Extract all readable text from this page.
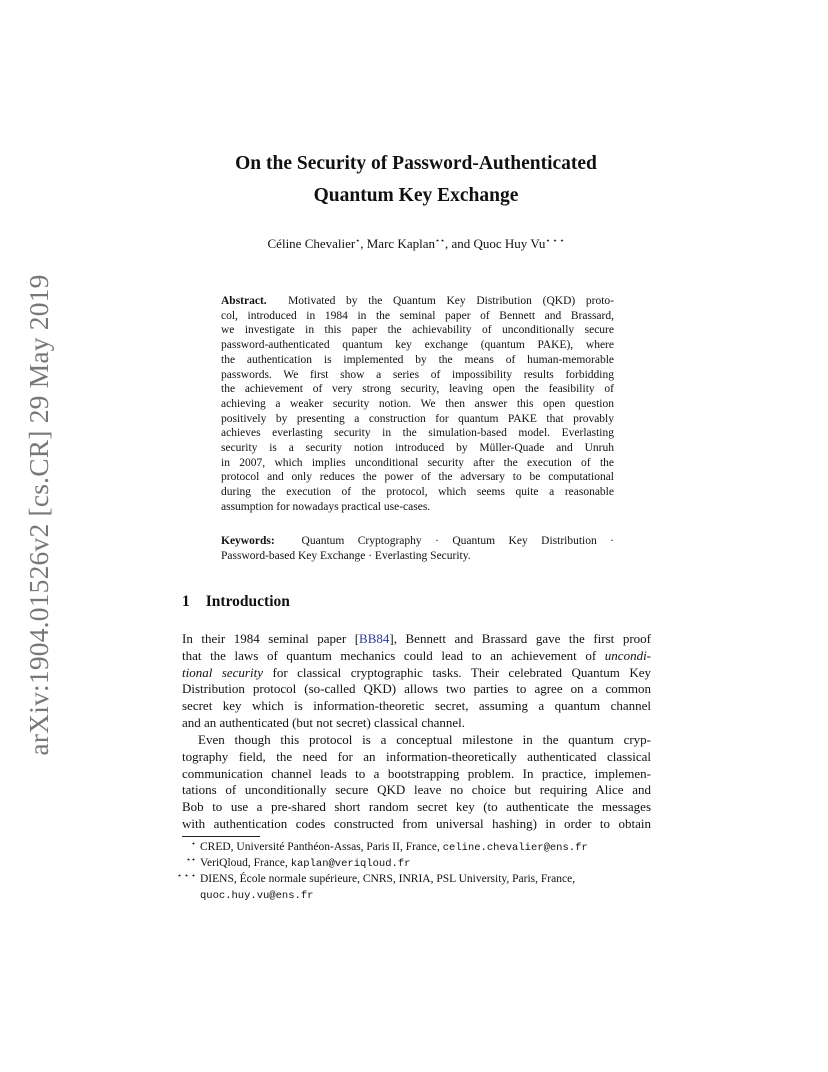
arXiv:1904.01526v2 [cs.CR] 29 May 2019
On the Security of Password-Authenticated
Quantum Key Exchange
Céline Chevalier⋆, Marc Kaplan⋆⋆, and Quoc Huy Vu⋆ ⋆ ⋆
Abstract. Motivated by the Quantum Key Distribution (QKD) proto-
col, introduced in 1984 in the seminal paper of Bennett and Brassard,
we investigate in this paper the achievability of unconditionally secure
password-authenticated quantum key exchange (quantum PAKE), where
the authentication is implemented by the means of human-memorable
passwords. We first show a series of impossibility results forbidding
the achievement of very strong security, leaving open the feasibility of
achieving a weaker security notion. We then answer this open question
positively by presenting a construction for quantum PAKE that provably
achieves everlasting security in the simulation-based model. Everlasting
security is a security notion introduced by Müller-Quade and Unruh
in 2007, which implies unconditional security after the execution of the
protocol and only reduces the power of the adversary to be computational
during the execution of the protocol, which seems quite a reasonable
assumption for nowadays practical use-cases.
Keywords: Quantum Cryptography · Quantum Key Distribution ·
Password-based Key Exchange · Everlasting Security.
1 Introduction
In their 1984 seminal paper [BB84], Bennett and Brassard gave the first proof
that the laws of quantum mechanics could lead to an achievement of uncondi-
tional security for classical cryptographic tasks. Their celebrated Quantum Key
Distribution protocol (so-called QKD) allows two parties to agree on a common
secret key which is information-theoretic secret, assuming a quantum channel
and an authenticated (but not secret) classical channel.
Even though this protocol is a conceptual milestone in the quantum cryp-
tography field, the need for an information-theoretically authenticated classical
communication channel leads to a bootstrapping problem. In practice, implemen-
tations of unconditionally secure QKD leave no choice but requiring Alice and
Bob to use a pre-shared short random secret key (to authenticate the messages
with authentication codes constructed from universal hashing) in order to obtain
⋆ CRED, Université Panthéon-Assas, Paris II, France, celine.chevalier@ens.fr
⋆⋆ VeriQloud, France, kaplan@veriqloud.fr
⋆ ⋆ ⋆ DIENS, École normale supérieure, CNRS, INRIA, PSL University, Paris, France,
quoc.huy.vu@ens.fr
